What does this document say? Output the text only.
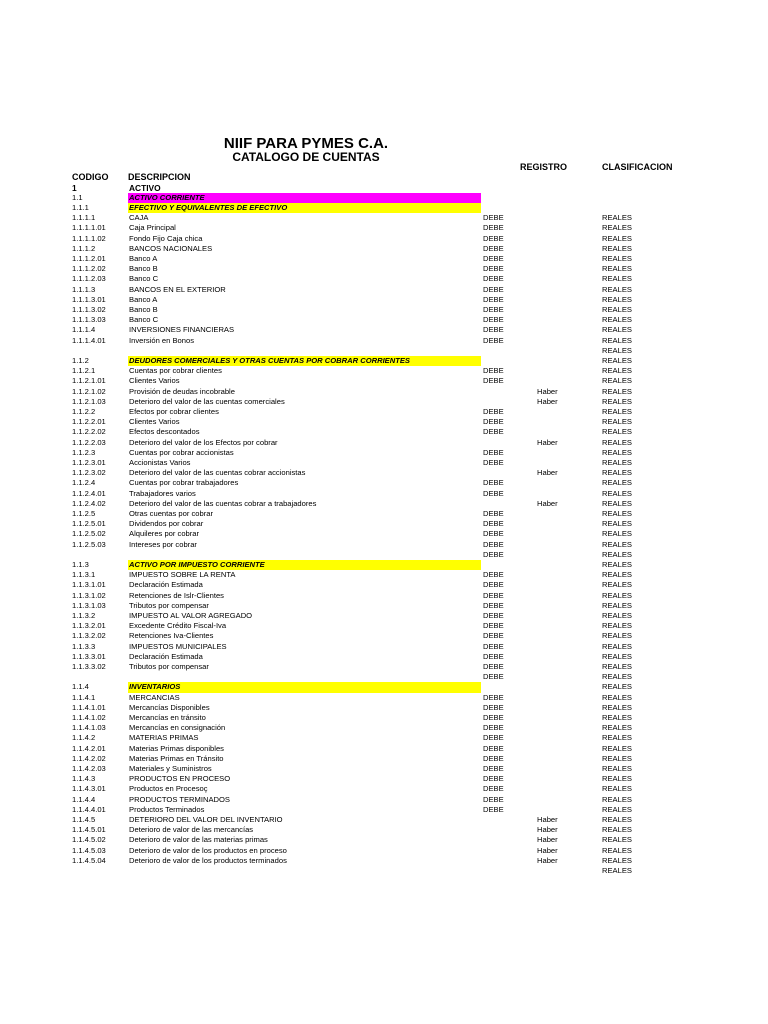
NIIF PARA PYMES C.A.
CATALOGO DE CUENTAS
REGISTRO	CLASIFICACION
CODIGO DESCRIPCION
1	ACTIVO
1.1	ACTIVO CORRIENTE
1.1.1	EFECTIVO Y EQUIVALENTES DE EFECTIVO
1.1.1.1	CAJA	DEBE	REALES
1.1.1.1.01	Caja Principal	DEBE	REALES
1.1.1.1.02	Fondo Fijo Caja chica	DEBE	REALES
1.1.1.2	BANCOS NACIONALES	DEBE	REALES
1.1.1.2.01	Banco A	DEBE	REALES
1.1.1.2.02	Banco B	DEBE	REALES
1.1.1.2.03	Banco C	DEBE	REALES
1.1.1.3	BANCOS EN EL EXTERIOR	DEBE	REALES
1.1.1.3.01	Banco A	DEBE	REALES
1.1.1.3.02	Banco B	DEBE	REALES
1.1.1.3.03	Banco C	DEBE	REALES
1.1.1.4	INVERSIONES FINANCIERAS	DEBE	REALES
1.1.1.4.01	Inversión en Bonos	DEBE	REALES
REALES
1.1.2	DEUDORES COMERCIALES Y OTRAS CUENTAS POR COBRAR CORRIENTES	REALES
1.1.2.1	Cuentas por cobrar clientes	DEBE	REALES
1.1.2.1.01	Clientes Varios	DEBE	REALES
1.1.2.1.02	Provisión de deudas incobrable	Haber	REALES
1.1.2.1.03	Deterioro del valor de las cuentas comerciales	Haber	REALES
1.1.2.2	Efectos por cobrar clientes	DEBE	REALES
1.1.2.2.01	Clientes Varios	DEBE	REALES
1.1.2.2.02	Efectos descontados	DEBE	REALES
1.1.2.2.03	Deterioro del valor de los Efectos por cobrar	Haber	REALES
1.1.2.3	Cuentas por cobrar accionistas	DEBE	REALES
1.1.2.3.01	Accionistas Varios	DEBE	REALES
1.1.2.3.02	Deterioro del valor de las cuentas cobrar accionistas	Haber	REALES
1.1.2.4	Cuentas por cobrar trabajadores	DEBE	REALES
1.1.2.4.01	Trabajadores varios	DEBE	REALES
1.1.2.4.02	Deterioro del valor de las cuentas cobrar a trabajadores	Haber	REALES
1.1.2.5	Otras cuentas por cobrar	DEBE	REALES
1.1.2.5.01	Dividendos por cobrar	DEBE	REALES
1.1.2.5.02	Alquileres por cobrar	DEBE	REALES
1.1.2.5.03	Intereses por cobrar	DEBE	REALES
DEBE	REALES
1.1.3	ACTIVO POR IMPUESTO CORRIENTE	REALES
1.1.3.1	IMPUESTO SOBRE LA RENTA	DEBE	REALES
1.1.3.1.01	Declaración Estimada	DEBE	REALES
1.1.3.1.02	Retenciones de Islr-Clientes	DEBE	REALES
1.1.3.1.03	Tributos por compensar	DEBE	REALES
1.1.3.2	IMPUESTO AL VALOR AGREGADO	DEBE	REALES
1.1.3.2.01	Excedente Crédito Fiscal-Iva	DEBE	REALES
1.1.3.2.02	Retenciones Iva-Clientes	DEBE	REALES
1.1.3.3	IMPUESTOS MUNICIPALES	DEBE	REALES
1.1.3.3.01	Declaración Estimada	DEBE	REALES
1.1.3.3.02	Tributos por compensar	DEBE	REALES
DEBE	REALES
1.1.4	INVENTARIOS	REALES
1.1.4.1	MERCANCIAS	DEBE	REALES
1.1.4.1.01	Mercancías Disponibles	DEBE	REALES
1.1.4.1.02	Mercancías en tránsito	DEBE	REALES
1.1.4.1.03	Mercancías en consignación	DEBE	REALES
1.1.4.2	MATERIAS PRIMAS	DEBE	REALES
1.1.4.2.01	Materias Primas disponibles	DEBE	REALES
1.1.4.2.02	Materias Primas en Tránsito	DEBE	REALES
1.1.4.2.03	Materiales y Suministros	DEBE	REALES
1.1.4.3	PRODUCTOS EN PROCESO	DEBE	REALES
1.1.4.3.01	Productos en Procesoç	DEBE	REALES
1.1.4.4	PRODUCTOS TERMINADOS	DEBE	REALES
1.1.4.4.01	Productos Terminados	DEBE	REALES
1.1.4.5	DETERIORO DEL VALOR DEL INVENTARIO	Haber	REALES
1.1.4.5.01	Deterioro de valor de las mercancías	Haber	REALES
1.1.4.5.02	Deterioro de valor de las materias primas	Haber	REALES
1.1.4.5.03	Deterioro de valor de los productos en proceso	Haber	REALES
1.1.4.5.04	Deterioro de valor de los productos terminados	Haber	REALES
REALES
